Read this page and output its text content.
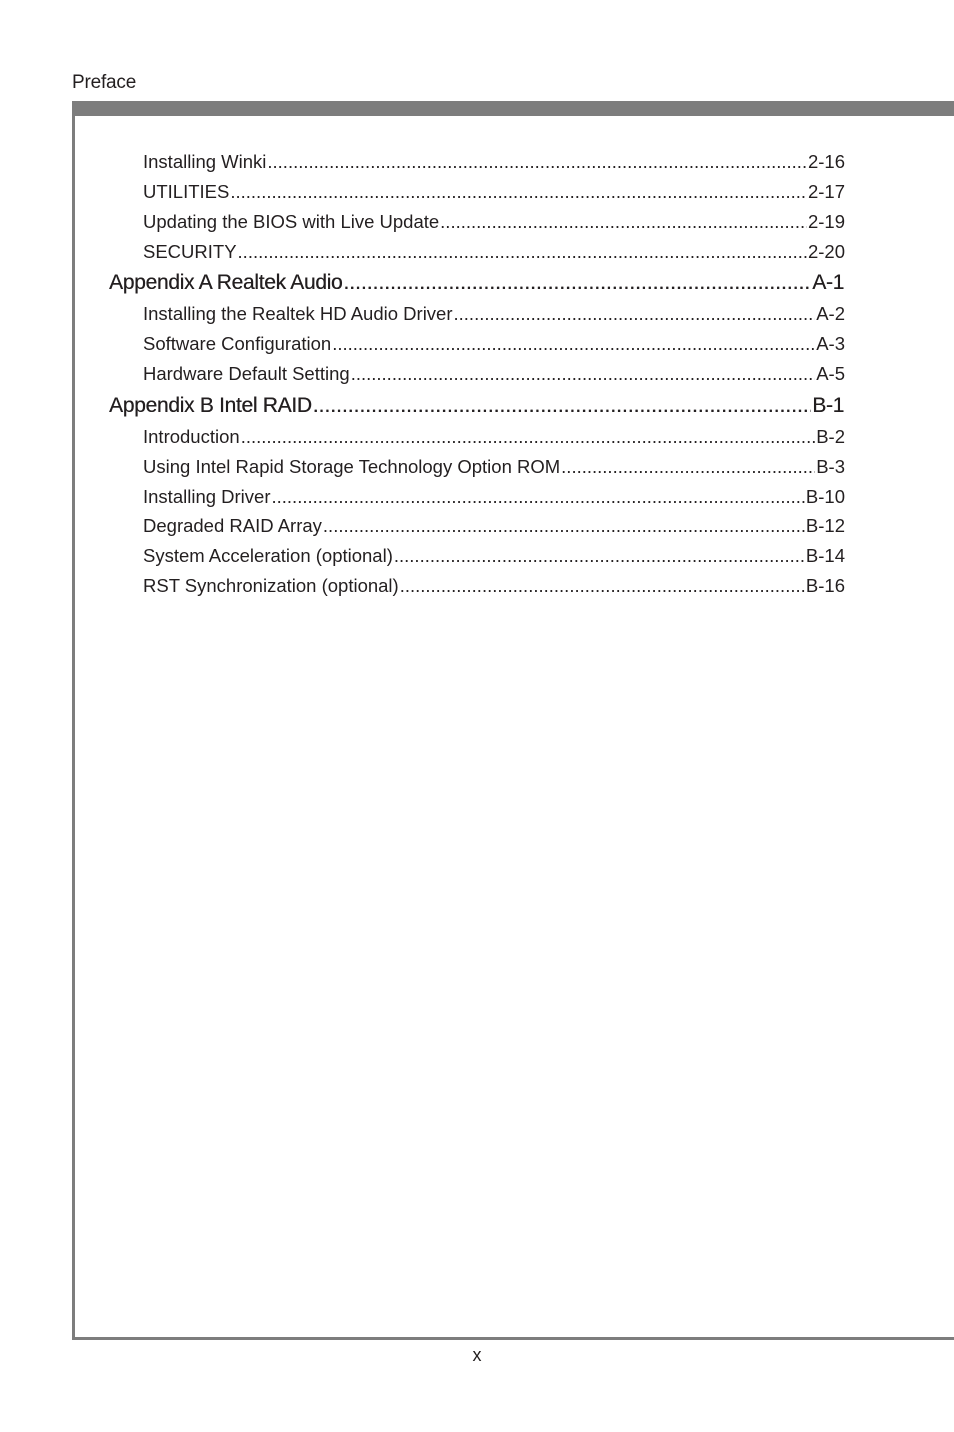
Preface
Installing Winki .....	2-16
UTILITIES .....	2-17
Updating the BIOS with Live Update .....	2-19
SECURITY .....	2-20
Appendix A Realtek Audio .....	A-1
Installing the Realtek HD Audio Driver .....	A-2
Software Configuration .....	A-3
Hardware Default Setting .....	A-5
Appendix B Intel RAID .....	B-1
Introduction .....	B-2
Using Intel Rapid Storage Technology Option ROM .....	B-3
Installing Driver .....	B-10
Degraded RAID Array .....	B-12
System Acceleration (optional) .....	B-14
RST Synchronization (optional) .....	B-16
x
